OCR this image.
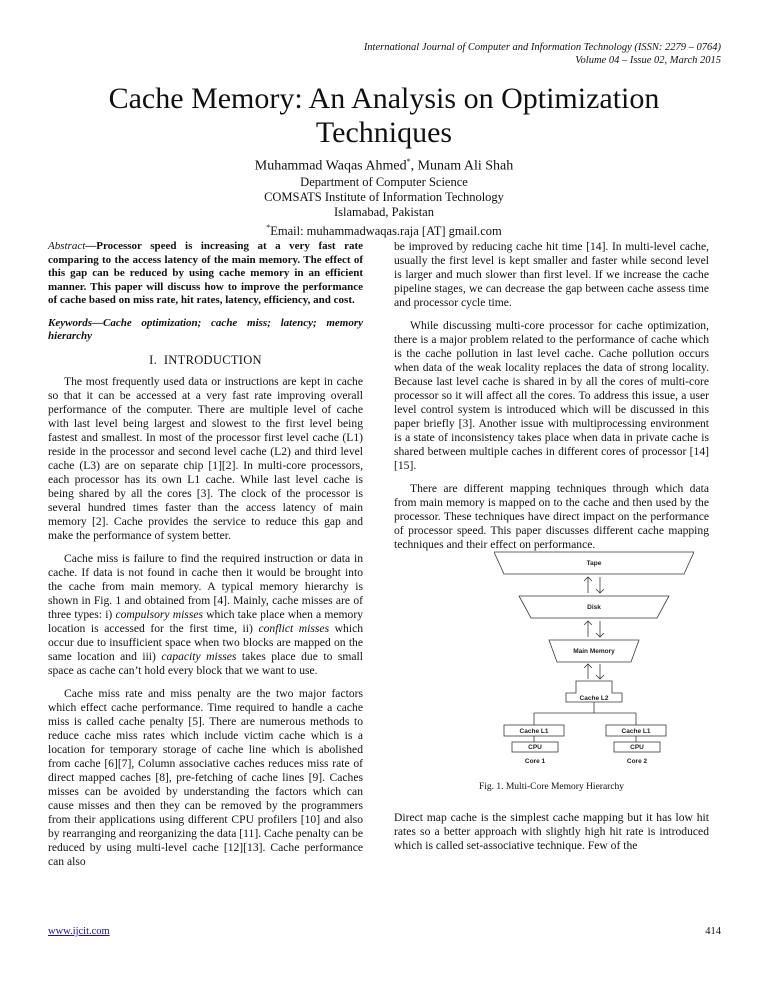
International Journal of Computer and Information Technology (ISSN: 2279 – 0764)
Volume 04 – Issue 02, March 2015
Cache Memory: An Analysis on Optimization Techniques
Muhammad Waqas Ahmed*, Munam Ali Shah
Department of Computer Science
COMSATS Institute of Information Technology
Islamabad, Pakistan
*Email: muhammadwaqas.raja [AT] gmail.com

Abstract—Processor speed is increasing at a very fast rate comparing to the access latency of the main memory. The effect of this gap can be reduced by using cache memory in an efficient manner. This paper will discuss how to improve the performance of cache based on miss rate, hit rates, latency, efficiency, and cost.

Keywords—Cache optimization; cache miss; latency; memory hierarchy

I.  INTRODUCTION

The most frequently used data or instructions are kept in cache so that it can be accessed at a very fast rate improving overall performance of the computer. There are multiple level of cache with last level being largest and slowest to the first level being fastest and smallest. In most of the processor first level cache (L1) reside in the processor and second level cache (L2) and third level cache (L3) are on separate chip [1][2]. In multi-core processors, each processor has its own L1 cache. While last level cache is being shared by all the cores [3]. The clock of the processor is several hundred times faster than the access latency of main memory [2]. Cache provides the service to reduce this gap and make the performance of system better.

Cache miss is failure to find the required instruction or data in cache. If data is not found in cache then it would be brought into the cache from main memory. A typical memory hierarchy is shown in Fig. 1 and obtained from [4]. Mainly, cache misses are of three types: i) compulsory misses which take place when a memory location is accessed for the first time, ii) conflict misses which occur due to insufficient space when two blocks are mapped on the same location and iii) capacity misses takes place due to small space as cache can’t hold every block that we want to use.

Cache miss rate and miss penalty are the two major factors which effect cache performance. Time required to handle a cache miss is called cache penalty [5]. There are numerous methods to reduce cache miss rates which include victim cache which is a location for temporary storage of cache line which is abolished from cache [6][7], Column associative caches reduces miss rate of direct mapped caches [8], pre-fetching of cache lines [9]. Caches misses can be avoided by understanding the factors which can cause misses and then they can be removed by the programmers from their applications using different CPU profilers [10] and also by rearranging and reorganizing the data [11]. Cache penalty can be reduced by using multi-level cache [12][13]. Cache performance can also

be improved by reducing cache hit time [14]. In multi-level cache, usually the first level is kept smaller and faster while second level is larger and much slower than first level. If we increase the cache pipeline stages, we can decrease the gap between cache assess time and processor cycle time.

While discussing multi-core processor for cache optimization, there is a major problem related to the performance of cache which is the cache pollution in last level cache. Cache pollution occurs when data of the weak locality replaces the data of strong locality. Because last level cache is shared in by all the cores of multi-core processor so it will affect all the cores. To address this issue, a user level control system is introduced which will be discussed in this paper briefly [3]. Another issue with multiprocessing environment is a state of inconsistency takes place when data in private cache is shared between multiple caches in different cores of processor [14][15].

There are different mapping techniques through which data from main memory is mapped on to the cache and then used by the processor. These techniques have direct impact on the performance of processor speed. This paper discusses different cache mapping techniques and their effect on performance.

Tape
Disk
Main Memory
Cache L2
Cache L1	Cache L1
CPU	CPU
Core 1	Core 2
Fig. 1. Multi-Core Memory Hierarchy

Direct map cache is the simplest cache mapping but it has low hit rates so a better approach with slightly high hit rate is introduced which is called set-associative technique. Few of the

www.ijcit.com	414
